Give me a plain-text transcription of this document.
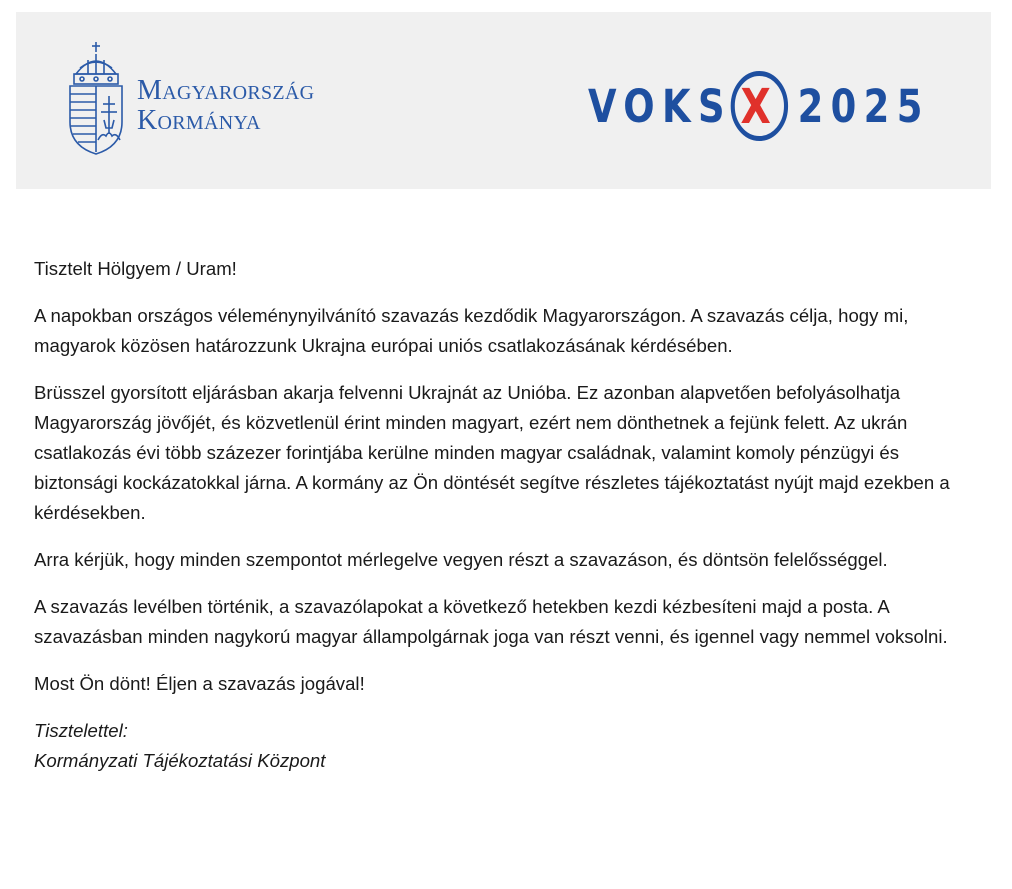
Magyarország
Kormánya	VOKS X 2025

Tisztelt Hölgyem / Uram!

A napokban országos véleménynyilvánító szavazás kezdődik Magyarországon. A szavazás célja, hogy mi, magyarok közösen határozzunk Ukrajna európai uniós csatlakozásának kérdésében.

Brüsszel gyorsított eljárásban akarja felvenni Ukrajnát az Unióba. Ez azonban alapvetően befolyásolhatja Magyarország jövőjét, és közvetlenül érint minden magyart, ezért nem dönthetnek a fejünk felett. Az ukrán csatlakozás évi több százezer forintjába kerülne minden magyar családnak, valamint komoly pénzügyi és biztonsági kockázatokkal járna. A kormány az Ön döntését segítve részletes tájékoztatást nyújt majd ezekben a kérdésekben.

Arra kérjük, hogy minden szempontot mérlegelve vegyen részt a szavazáson, és döntsön felelősséggel.

A szavazás levélben történik, a szavazólapokat a következő hetekben kezdi kézbesíteni majd a posta. A szavazásban minden nagykorú magyar állampolgárnak joga van részt venni, és igennel vagy nemmel voksolni.

Most Ön dönt! Éljen a szavazás jogával!

Tisztelettel:
Kormányzati Tájékoztatási Központ
